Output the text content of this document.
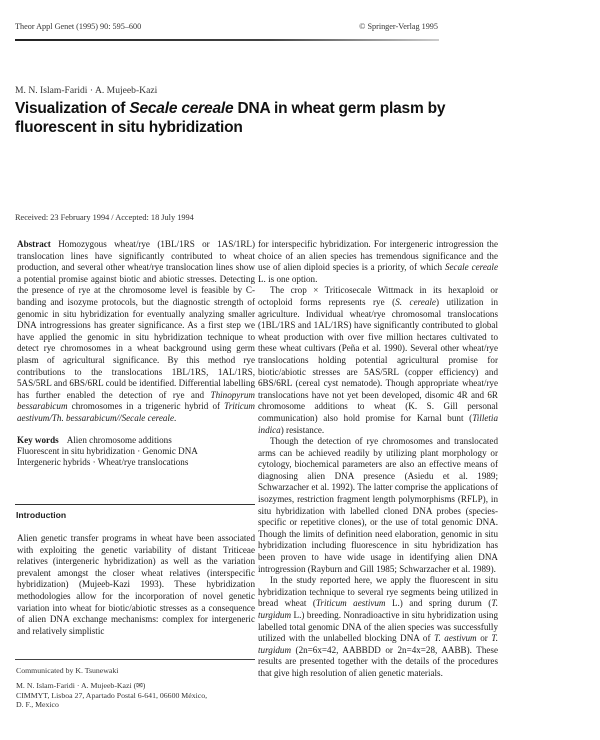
Theor Appl Genet (1995) 90: 595–600	© Springer-Verlag 1995
M. N. Islam-Faridi · A. Mujeeb-Kazi
Visualization of Secale cereale DNA in wheat germ plasm by fluorescent in situ hybridization
Received: 23 February 1994 / Accepted: 18 July 1994

Abstract Homozygous wheat/rye (1BL/1RS or 1AS/1RL) translocation lines have significantly contributed to wheat production, and several other wheat/rye translocation lines show a potential promise against biotic and abiotic stresses. Detecting the presence of rye at the chromosome level is feasible by C-banding and isozyme protocols, but the diagnostic strength of genomic in situ hybridization for eventually analyzing smaller DNA introgressions has greater significance. As a first step we have applied the genomic in situ hybridization technique to detect rye chromosomes in a wheat background using germ plasm of agricultural significance. By this method rye contributions to the translocations 1BL/1RS, 1AL/1RS, 5AS/5RL and 6BS/6RL could be identified. Differential labelling has further enabled the detection of rye and Thinopyrum bessarabicum chromosomes in a trigeneric hybrid of Triticum aestivum/Th. bessarabicum//Secale cereale.

Key words Alien chromosome additions
Fluorescent in situ hybridization · Genomic DNA
Intergeneric hybrids · Wheat/rye translocations
Introduction
Alien genetic transfer programs in wheat have been associated with exploiting the genetic variability of distant Triticeae relatives (intergeneric hybridization) as well as the variation prevalent amongst the closer wheat relatives (interspecific hybridization) (Mujeeb-Kazi 1993). These hybridization methodologies allow for the incorporation of novel genetic variation into wheat for biotic/abiotic stresses as a consequence of alien DNA exchange mechanisms: complex for intergeneric and relatively simplistic
Communicated by K. Tsunewaki
M. N. Islam-Faridi · A. Mujeeb-Kazi (✉)
CIMMYT, Lisboa 27, Apartado Postal 6-641, 06600 México,
D. F., Mexico

for interspecific hybridization. For intergeneric introgression the choice of an alien species has tremendous significance and the use of alien diploid species is a priority, of which Secale cereale L. is one option.

The crop × Triticosecale Wittmack in its hexaploid or octoploid forms represents rye (S. cereale) utilization in agriculture. Individual wheat/rye chromosomal translocations (1BL/1RS and 1AL/1RS) have significantly contributed to global wheat production with over five million hectares cultivated to these wheat cultivars (Peña et al. 1990). Several other wheat/rye translocations holding potential agricultural promise for biotic/abiotic stresses are 5AS/5RL (copper efficiency) and 6BS/6RL (cereal cyst nematode). Though appropriate wheat/rye translocations have not yet been developed, disomic 4R and 6R chromosome additions to wheat (K. S. Gill personal communication) also hold promise for Karnal bunt (Tilletia indica) resistance.

Though the detection of rye chromosomes and translocated arms can be achieved readily by utilizing plant morphology or cytology, biochemical parameters are also an effective means of diagnosing alien DNA presence (Asiedu et al. 1989; Schwarzacher et al. 1992). The latter comprise the applications of isozymes, restriction fragment length polymorphisms (RFLP), in situ hybridization with labelled cloned DNA probes (species-specific or repetitive clones), or the use of total genomic DNA. Though the limits of definition need elaboration, genomic in situ hybridization including fluorescence in situ hybridization has been proven to have wide usage in identifying alien DNA introgression (Rayburn and Gill 1985; Schwarzacher et al. 1989).

In the study reported here, we apply the fluorescent in situ hybridization technique to several rye segments being utilized in bread wheat (Triticum aestivum L.) and spring durum (T. turgidum L.) breeding. Nonradioactive in situ hybridization using labelled total genomic DNA of the alien species was successfully utilized with the unlabelled blocking DNA of T. aestivum or T. turgidum (2n=6x=42, AABBDD or 2n=4x=28, AABB). These results are presented together with the details of the procedures that give high resolution of alien genetic materials.
